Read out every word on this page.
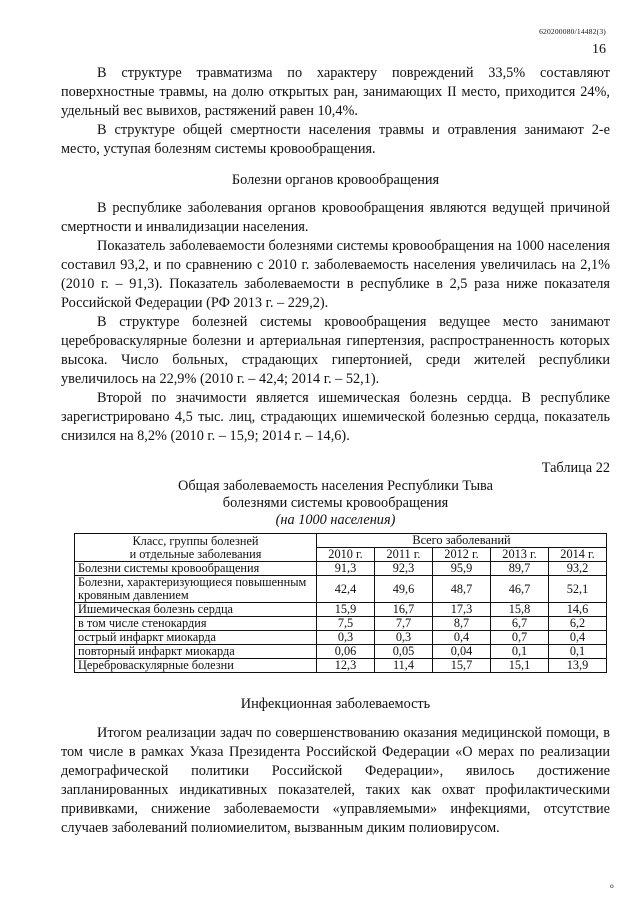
620200080/14482(3)
16

В структуре травматизма по характеру повреждений 33,5% составляют поверхностные травмы, на долю открытых ран, занимающих II место, приходится 24%, удельный вес вывихов, растяжений равен 10,4%.

В структуре общей смертности населения травмы и отравления занимают 2-е место, уступая болезням системы кровообращения.

Болезни органов кровообращения

В республике заболевания органов кровообращения являются ведущей причиной смертности и инвалидизации населения.

Показатель заболеваемости болезнями системы кровообращения на 1000 населения составил 93,2, и по сравнению с 2010 г. заболеваемость населения увеличилась на 2,1% (2010 г. – 91,3). Показатель заболеваемости в республике в 2,5 раза ниже показателя Российской Федерации (РФ 2013 г. – 229,2).

В структуре болезней системы кровообращения ведущее место занимают цереброваскулярные болезни и артериальная гипертензия, распространенность которых высока. Число больных, страдающих гипертонией, среди жителей республики увеличилось на 22,9% (2010 г. – 42,4; 2014 г. – 52,1).

Второй по значимости является ишемическая болезнь сердца. В республике зарегистрировано 4,5 тыс. лиц, страдающих ишемической болезнью сердца, показатель снизился на 8,2% (2010 г. – 15,9; 2014 г. – 14,6).

Таблица 22

Общая заболеваемость населения Республики Тыва
болезнями системы кровообращения
(на 1000 населения)

Класс, группы болезней
и отдельные заболевания	Всего заболеваний				
	2010 г.	2011 г.	2012 г.	2013 г.	2014 г.
Болезни системы кровообращения	91,3	92,3	95,9	89,7	93,2
Болезни, характеризующиеся повышенным кровяным давлением	42,4	49,6	48,7	46,7	52,1
Ишемическая болезнь сердца	15,9	16,7	17,3	15,8	14,6
в том числе стенокардия	7,5	7,7	8,7	6,7	6,2
острый инфаркт миокарда	0,3	0,3	0,4	0,7	0,4
повторный инфаркт миокарда	0,06	0,05	0,04	0,1	0,1
Цереброваскулярные болезни	12,3	11,4	15,7	15,1	13,9

Инфекционная заболеваемость

Итогом реализации задач по совершенствованию оказания медицинской помощи, в том числе в рамках Указа Президента Российской Федерации «О мерах по реализации демографической политики Российской Федерации», явилось достижение запланированных индикативных показателей, таких как охват профилактическими прививками, снижение заболеваемости «управляемыми» инфекциями, отсутствие случаев заболеваний полиомиелитом, вызванным диким полиовирусом.

⚬
